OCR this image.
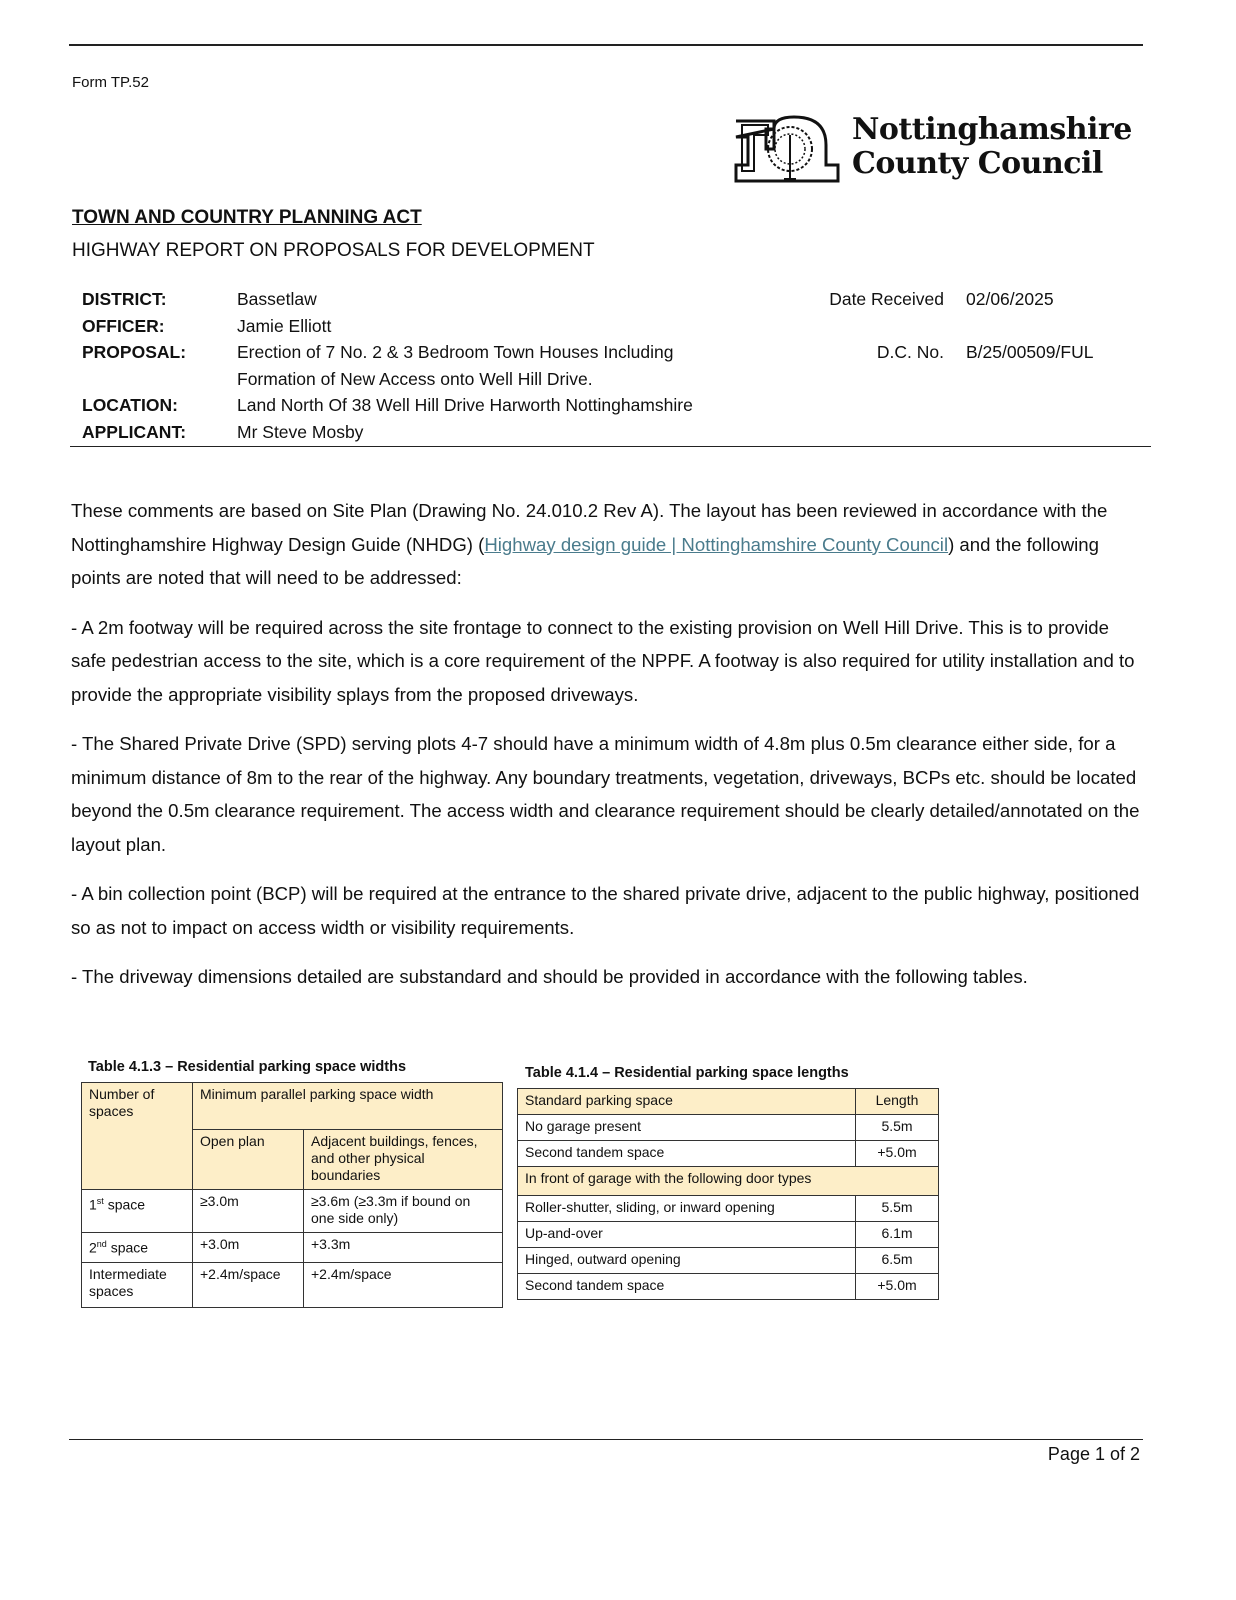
Form TP.52
Nottinghamshire
County Council
TOWN AND COUNTRY PLANNING ACT
HIGHWAY REPORT ON PROPOSALS FOR DEVELOPMENT
DISTRICT:	Bassetlaw
OFFICER:	Jamie Elliott
PROPOSAL:	Erection of 7 No. 2 & 3 Bedroom Town Houses Including
Formation of New Access onto Well Hill Drive.
LOCATION:	Land North Of 38 Well Hill Drive Harworth Nottinghamshire
APPLICANT:	Mr Steve Mosby
Date Received 02/06/2025
D.C. No. B/25/00509/FUL

These comments are based on Site Plan (Drawing No. 24.010.2 Rev A). The layout has been reviewed in accordance with the Nottinghamshire Highway Design Guide (NHDG) (Highway design guide | Nottinghamshire County Council) and the following points are noted that will need to be addressed:

- A 2m footway will be required across the site frontage to connect to the existing provision on Well Hill Drive. This is to provide safe pedestrian access to the site, which is a core requirement of the NPPF. A footway is also required for utility installation and to provide the appropriate visibility splays from the proposed driveways.

- The Shared Private Drive (SPD) serving plots 4-7 should have a minimum width of 4.8m plus 0.5m clearance either side, for a minimum distance of 8m to the rear of the highway. Any boundary treatments, vegetation, driveways, BCPs etc. should be located beyond the 0.5m clearance requirement. The access width and clearance requirement should be clearly detailed/annotated on the layout plan.

- A bin collection point (BCP) will be required at the entrance to the shared private drive, adjacent to the public highway, positioned so as not to impact on access width or visibility requirements.

- The driveway dimensions detailed are substandard and should be provided in accordance with the following tables.

Table 4.1.3 – Residential parking space widths
Number of spaces	Minimum parallel parking space width	
	Open plan	Adjacent buildings, fences, and other physical boundaries
1st space	≥3.0m	≥3.6m (≥3.3m if bound on one side only)
2nd space	+3.0m	+3.3m
Intermediate spaces	+2.4m/space	+2.4m/space
Table 4.1.4 – Residential parking space lengths
Standard parking space	Length
No garage present	5.5m
Second tandem space	+5.0m
In front of garage with the following door types	
Roller-shutter, sliding, or inward opening	5.5m
Up-and-over	6.1m
Hinged, outward opening	6.5m
Second tandem space	+5.0m
Page 1 of 2
